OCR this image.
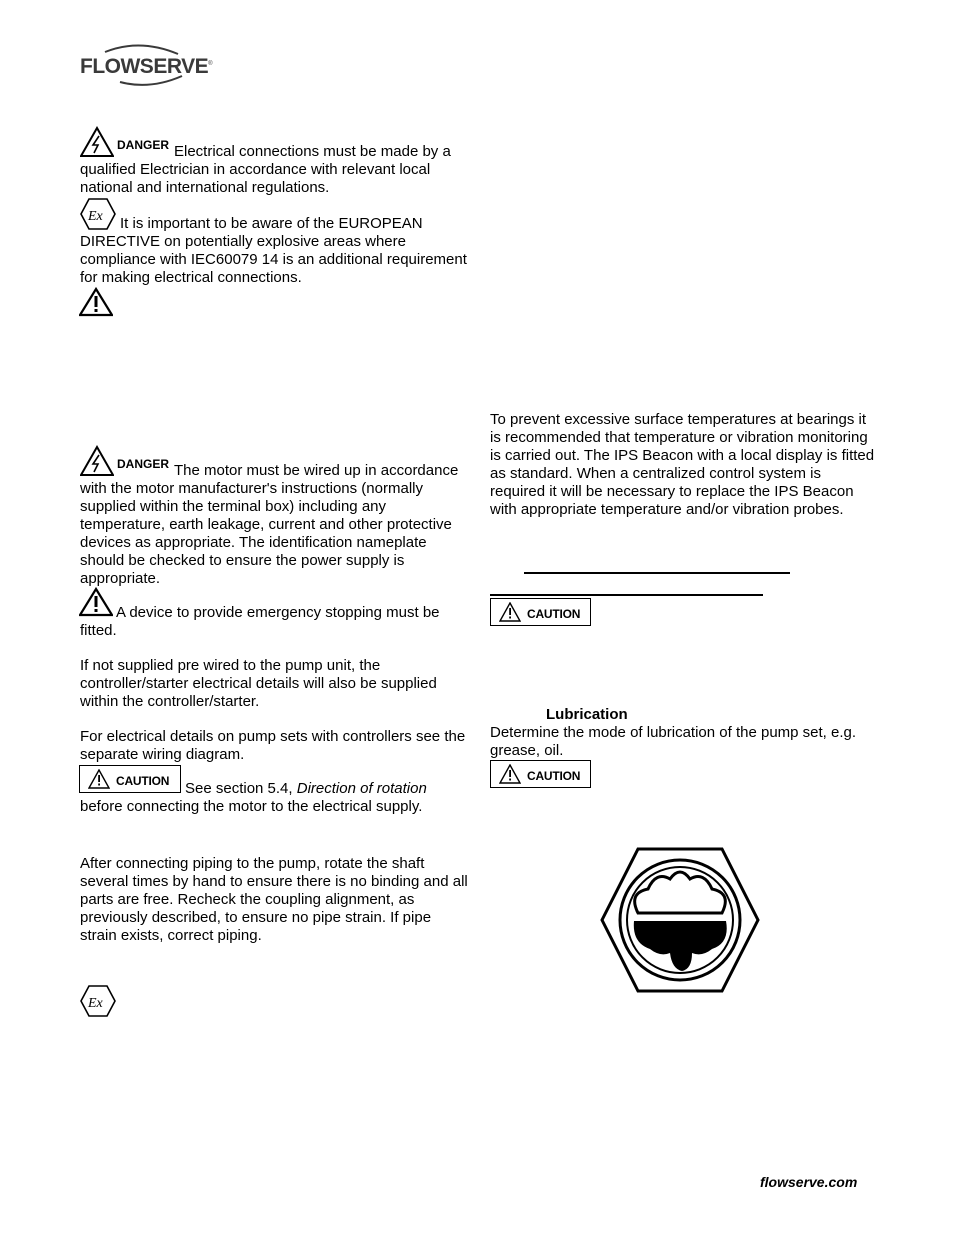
FLOWSERVE®
DANGER Electrical connections must be made by a qualified Electrician in accordance with relevant local national and international regulations.

Ex	It is important to be aware of the EUROPEAN DIRECTIVE on potentially explosive areas where compliance with IEC60079 14 is an additional requirement for making electrical connections.

DANGER The motor must be wired up in accordance with the motor manufacturer's instructions (normally supplied within the terminal box) including any temperature, earth leakage, current and other protective devices as appropriate. The identification nameplate should be checked to ensure the power supply is appropriate.

A device to provide emergency stopping must be fitted.

If not supplied pre wired to the pump unit, the controller/starter electrical details will also be supplied within the controller/starter.

For electrical details on pump sets with controllers see the separate wiring diagram.

CAUTION	See section 5.4, Direction of rotation before connecting the motor to the electrical supply.

After connecting piping to the pump, rotate the shaft several times by hand to ensure there is no binding and all parts are free. Recheck the coupling alignment, as previously described, to ensure no pipe strain. If pipe strain exists, correct piping.

Ex

To prevent excessive surface temperatures at bearings it is recommended that temperature or vibration monitoring is carried out. The IPS Beacon with a local display is fitted as standard. When a centralized control system is required it will be necessary to replace the IPS Beacon with appropriate temperature and/or vibration probes.

CAUTION

Lubrication

Determine the mode of lubrication of the pump set, e.g. grease, oil.

CAUTION
flowserve.com
